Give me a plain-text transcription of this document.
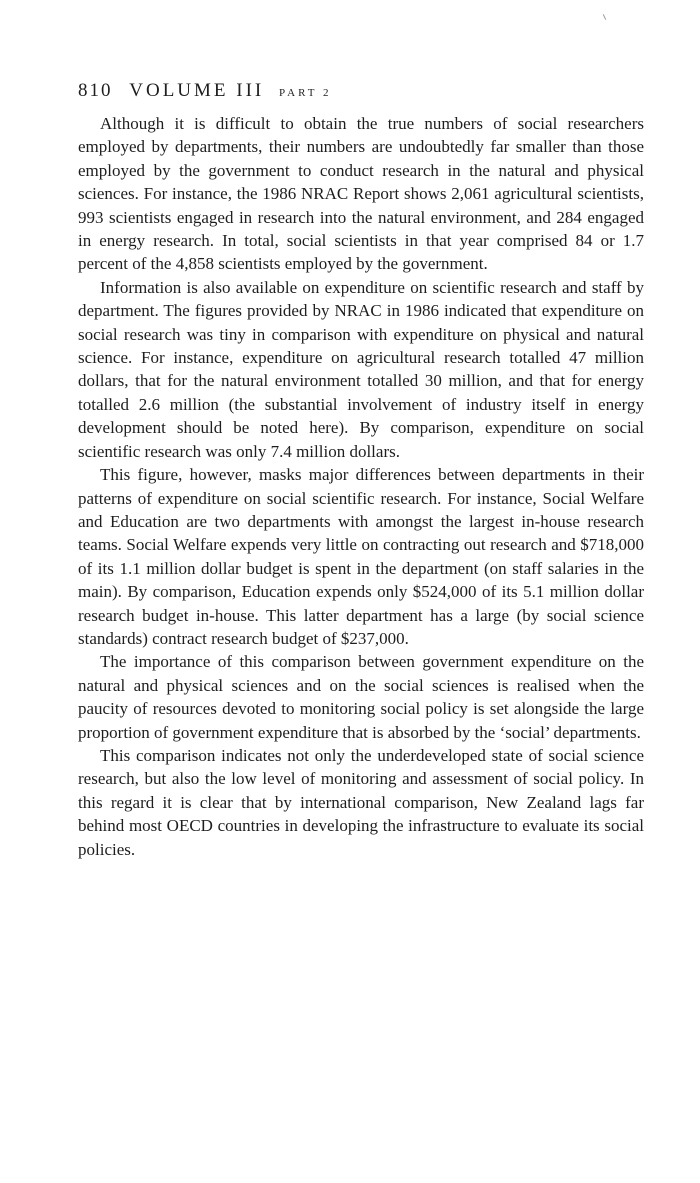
810 VOLUME III PART 2

Although it is difficult to obtain the true numbers of social researchers employed by departments, their numbers are undoubtedly far smaller than those employed by the government to conduct research in the natural and physical sciences. For instance, the 1986 NRAC Report shows 2,061 agricultural scientists, 993 scientists engaged in research into the natural environment, and 284 engaged in energy research. In total, social scientists in that year comprised 84 or 1.7 percent of the 4,858 scientists employed by the government.

Information is also available on expenditure on scientific research and staff by department. The figures provided by NRAC in 1986 indicated that expenditure on social research was tiny in comparison with expenditure on physical and natural science. For instance, expenditure on agricultural research totalled 47 million dollars, that for the natural environment totalled 30 million, and that for energy totalled 2.6 million (the substantial involvement of industry itself in energy development should be noted here). By comparison, expenditure on social scientific research was only 7.4 million dollars.

This figure, however, masks major differences between departments in their patterns of expenditure on social scientific research. For instance, Social Welfare and Education are two departments with amongst the largest in-house research teams. Social Welfare expends very little on contracting out research and $718,000 of its 1.1 million dollar budget is spent in the department (on staff salaries in the main). By comparison, Education expends only $524,000 of its 5.1 million dollar research budget in-house. This latter department has a large (by social science standards) contract research budget of $237,000.

The importance of this comparison between government expenditure on the natural and physical sciences and on the social sciences is realised when the paucity of resources devoted to monitoring social policy is set alongside the large proportion of government expenditure that is absorbed by the ‘social’ departments.

This comparison indicates not only the underdeveloped state of social science research, but also the low level of monitoring and assessment of social policy. In this regard it is clear that by international comparison, New Zealand lags far behind most OECD countries in developing the infrastructure to evaluate its social policies.
